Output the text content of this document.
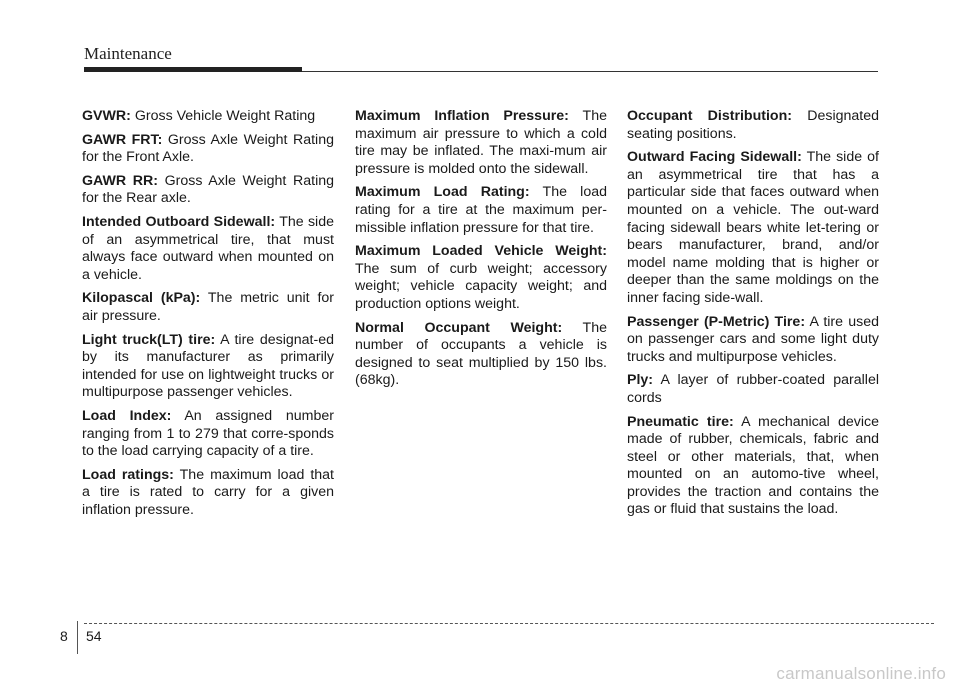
Maintenance

GVWR: Gross Vehicle Weight Rating

GAWR FRT: Gross Axle Weight Rating for the Front Axle.

GAWR RR: Gross Axle Weight Rating for the Rear axle.

Intended Outboard Sidewall: The side of an asymmetrical tire, that must always face outward when mounted on a vehicle.

Kilopascal (kPa): The metric unit for air pressure.

Light truck(LT) tire: A tire designat-ed by its manufacturer as primarily intended for use on lightweight trucks or multipurpose passenger vehicles.

Load Index: An assigned number ranging from 1 to 279 that corre-sponds to the load carrying capacity of a tire.

Load ratings: The maximum load that a tire is rated to carry for a given inflation pressure.

Maximum Inflation Pressure: The maximum air pressure to which a cold tire may be inflated. The maxi-mum air pressure is molded onto the sidewall.

Maximum Load Rating: The load rating for a tire at the maximum per-missible inflation pressure for that tire.

Maximum Loaded Vehicle Weight: The sum of curb weight; accessory weight; vehicle capacity weight; and production options weight.

Normal Occupant Weight: The number of occupants a vehicle is designed to seat multiplied by 150 lbs. (68kg).

Occupant Distribution: Designated seating positions.

Outward Facing Sidewall: The side of an asymmetrical tire that has a particular side that faces outward when mounted on a vehicle. The out-ward facing sidewall bears white let-tering or bears manufacturer, brand, and/or model name molding that is higher or deeper than the same moldings on the inner facing side-wall.

Passenger (P-Metric) Tire: A tire used on passenger cars and some light duty trucks and multipurpose vehicles.

Ply: A layer of rubber-coated parallel cords

Pneumatic tire: A mechanical device made of rubber, chemicals, fabric and steel or other materials, that, when mounted on an automo-tive wheel, provides the traction and contains the gas or fluid that sustains the load.

8 54
carmanualsonline.info
